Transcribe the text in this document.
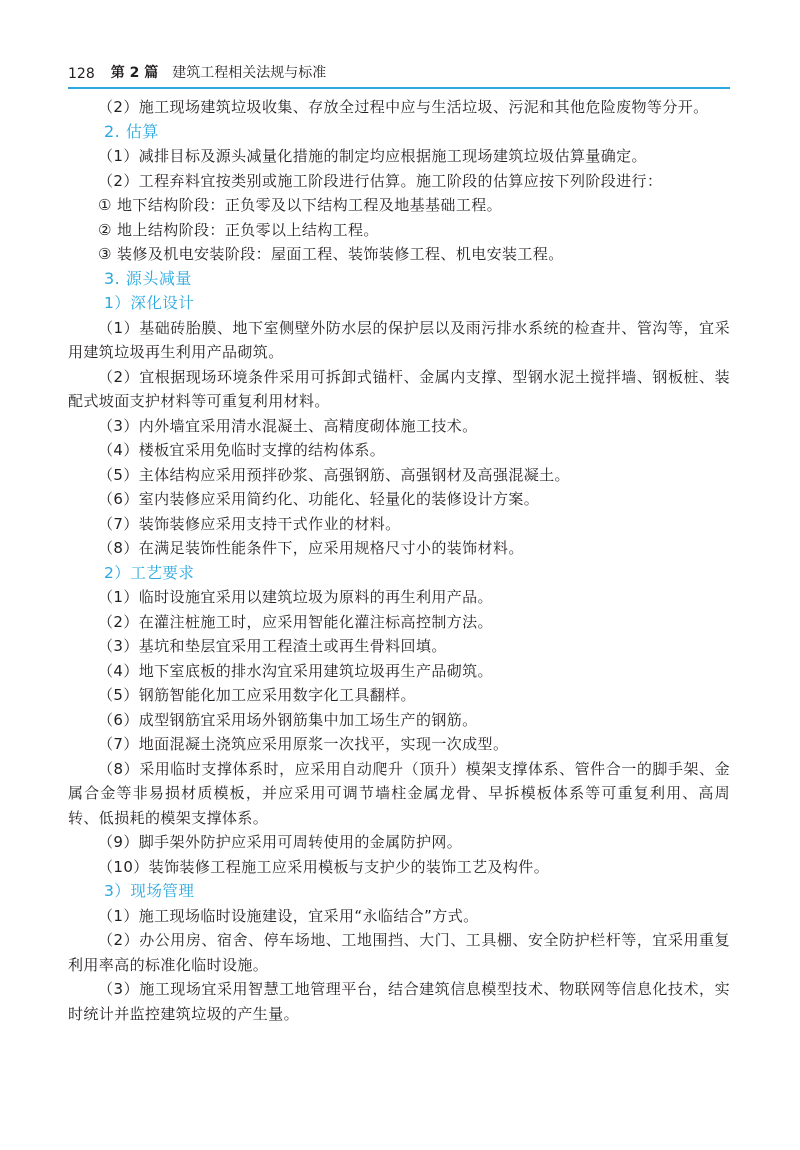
128 第 2 篇 建筑工程相关法规与标准
（2）施工现场建筑垃圾收集、存放全过程中应与生活垃圾、污泥和其他危险废物等分开。
2. 估算
（1）减排目标及源头减量化措施的制定均应根据施工现场建筑垃圾估算量确定。
（2）工程弃料宜按类别或施工阶段进行估算。施工阶段的估算应按下列阶段进行：
① 地下结构阶段：正负零及以下结构工程及地基基础工程。
② 地上结构阶段：正负零以上结构工程。
③ 装修及机电安装阶段：屋面工程、装饰装修工程、机电安装工程。
3. 源头减量
1）深化设计
（1）基础砖胎膜、地下室侧壁外防水层的保护层以及雨污排水系统的检查井、管沟等，宜采用建筑垃圾再生利用产品砌筑。
（2）宜根据现场环境条件采用可拆卸式锚杆、金属内支撑、型钢水泥土搅拌墙、钢板桩、装配式坡面支护材料等可重复利用材料。
（3）内外墙宜采用清水混凝土、高精度砌体施工技术。
（4）楼板宜采用免临时支撑的结构体系。
（5）主体结构应采用预拌砂浆、高强钢筋、高强钢材及高强混凝土。
（6）室内装修应采用简约化、功能化、轻量化的装修设计方案。
（7）装饰装修应采用支持干式作业的材料。
（8）在满足装饰性能条件下，应采用规格尺寸小的装饰材料。
2）工艺要求
（1）临时设施宜采用以建筑垃圾为原料的再生利用产品。
（2）在灌注桩施工时，应采用智能化灌注标高控制方法。
（3）基坑和垫层宜采用工程渣土或再生骨料回填。
（4）地下室底板的排水沟宜采用建筑垃圾再生产品砌筑。
（5）钢筋智能化加工应采用数字化工具翻样。
（6）成型钢筋宜采用场外钢筋集中加工场生产的钢筋。
（7）地面混凝土浇筑应采用原浆一次找平，实现一次成型。
（8）采用临时支撑体系时，应采用自动爬升（顶升）模架支撑体系、管件合一的脚手架、金属合金等非易损材质模板，并应采用可调节墙柱金属龙骨、早拆模板体系等可重复利用、高周转、低损耗的模架支撑体系。
（9）脚手架外防护应采用可周转使用的金属防护网。
（10）装饰装修工程施工应采用模板与支护少的装饰工艺及构件。
3）现场管理
（1）施工现场临时设施建设，宜采用“永临结合”方式。
（2）办公用房、宿舍、停车场地、工地围挡、大门、工具棚、安全防护栏杆等，宜采用重复利用率高的标准化临时设施。
（3）施工现场宜采用智慧工地管理平台，结合建筑信息模型技术、物联网等信息化技术，实时统计并监控建筑垃圾的产生量。
